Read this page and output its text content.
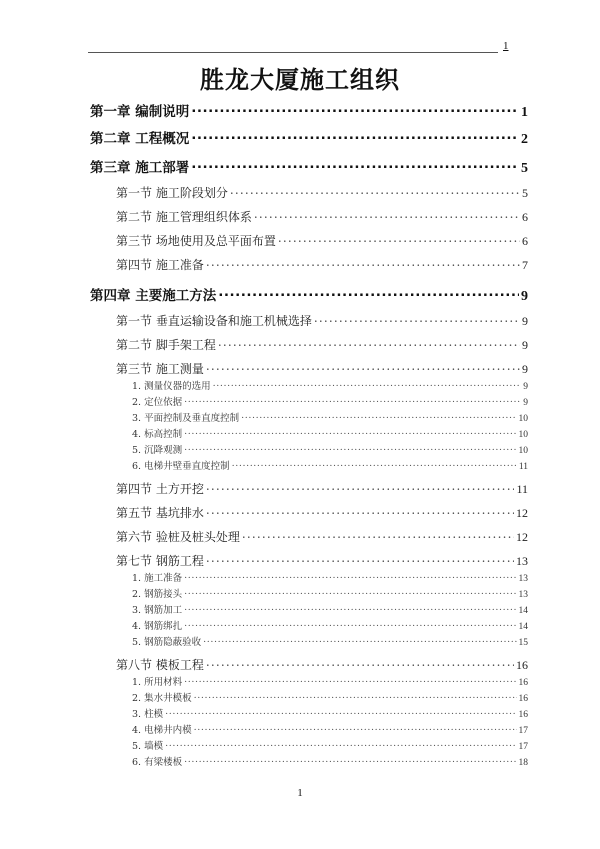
1
胜龙大厦施工组织
第一章 编制说明 .....	1
第二章 工程概况 .....	2
第三章 施工部署 .....	5
第一节 施工阶段划分 .....	5
第二节 施工管理组织体系 .....	6
第三节 场地使用及总平面布置 .....	6
第四节 施工准备 .....	7
第四章 主要施工方法 .....	9
第一节 垂直运输设备和施工机械选择 .....	9
第二节 脚手架工程 .....	9
第三节 施工测量 .....	9
1. 测量仪器的选用 .....	9
2. 定位依据 .....	9
3. 平面控制及垂直度控制 .....	10
4. 标高控制 .....	10
5. 沉降观测 .....	10
6. 电梯井壁垂直度控制 .....	11
第四节 土方开挖 .....	11
第五节 基坑排水 .....	12
第六节 验桩及桩头处理 .....	12
第七节 钢筋工程 .....	13
1. 施工准备 .....	13
2. 钢筋接头 .....	13
3. 钢筋加工 .....	14
4. 钢筋绑扎 .....	14
5. 钢筋隐蔽验收 .....	15
第八节 模板工程 .....	16
1. 所用材料 .....	16
2. 集水井模板 .....	16
3. 柱模 .....	16
4. 电梯井内模 .....	17
5. 墙模 .....	17
6. 有梁楼板 .....	18
1
